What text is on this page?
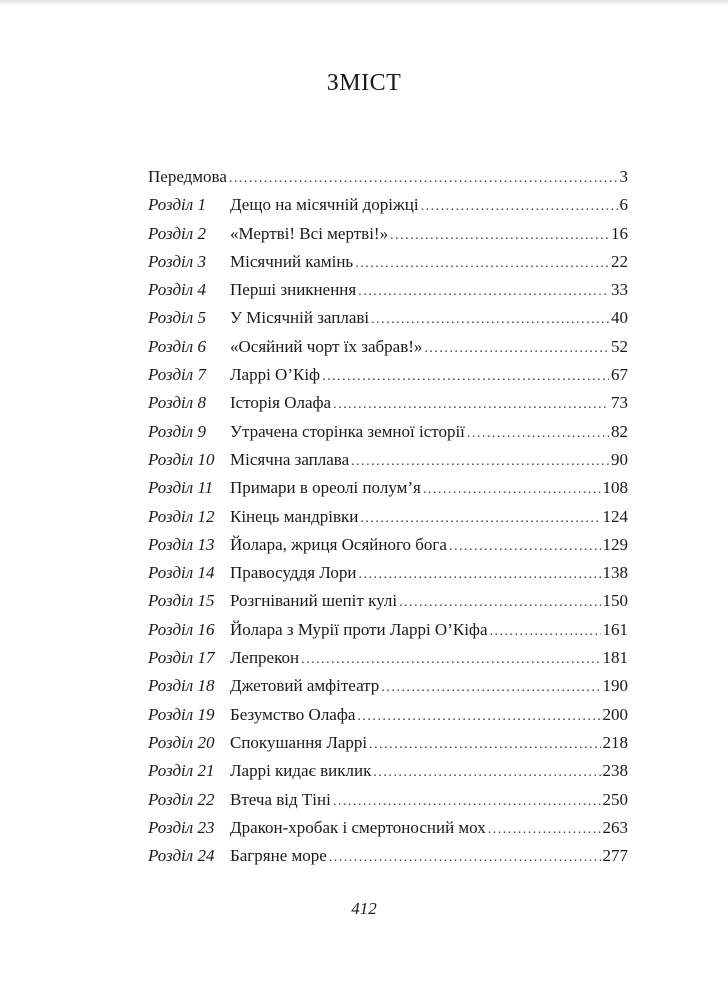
ЗМІСТ
Передмова . . .	3
Розділ 1	Дещо на місячній доріжці . . .	6
Розділ 2	«Мертві! Всі мертві!» . . .	16
Розділ 3	Місячний камінь . . .	22
Розділ 4	Перші зникнення . . .	33
Розділ 5	У Місячній заплаві . . .	40
Розділ 6	«Осяйний чорт їх забрав!» . . .	52
Розділ 7	Ларрі О’Кіф . . .	67
Розділ 8	Історія Олафа . . .	73
Розділ 9	Утрачена сторінка земної історії . . .	82
Розділ 10 Місячна заплава . . .	90
Розділ 11 Примари в ореолі полум’я . . .	108
Розділ 12 Кінець мандрівки . . .	124
Розділ 13 Йолара, жриця Осяйного бога . . .	129
Розділ 14 Правосуддя Лори . . .	138
Розділ 15 Розгніваний шепіт кулі . . .	150
Розділ 16 Йолара з Мурії проти Ларрі О’Кіфа . . .	161
Розділ 17 Лепрекон . . .	181
Розділ 18 Джетовий амфітеатр . . .	190
Розділ 19 Безумство Олафа . . .	200
Розділ 20 Спокушання Ларрі . . .	218
Розділ 21 Ларрі кидає виклик . . .	238
Розділ 22 Втеча від Тіні . . .	250
Розділ 23 Дракон-хробак і смертоносний мох . . .	263
Розділ 24 Багряне море . . .	277
412
